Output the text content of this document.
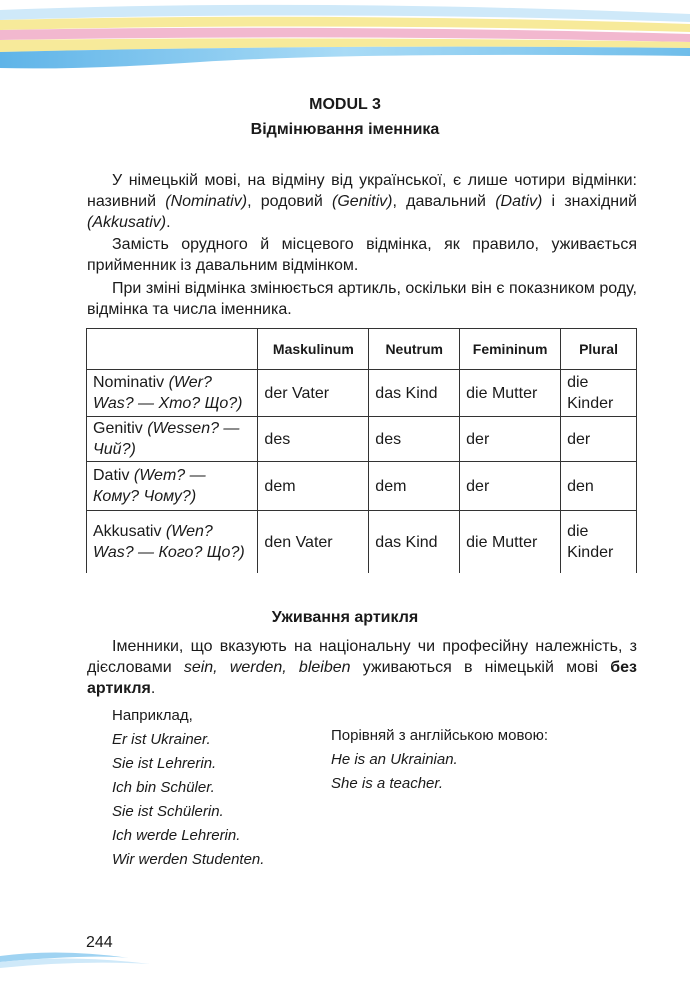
MODUL 3
Відмінювання іменника

У німецькій мові, на відміну від української, є лише чотири відмінки: називний (Nominativ), родовий (Genitiv), давальний (Dativ) і знахідний (Akkusativ).

Замість орудного й місцевого відмінка, як правило, уживається прийменник із давальним відмінком.

При зміні відмінка змінюється артикль, оскільки він є показником роду, відмінка та числа іменника.

	Maskulinum	Neutrum	Femininum	Plural
Nominativ (Wer? Was? — Хто? Що?)	der Vater	das Kind	die Mutter	die Kinder
Genitiv (Wessen? — Чий?)	des	des	der	der
Dativ (Wem? — Кому? Чому?)	dem	dem	der	den
Akkusativ (Wen? Was? — Кого? Що?)	den Vater	das Kind	die Mutter	die Kinder
Уживання артикля

Іменники, що вказують на національну чи професійну належність, з дієсловами sein, werden, bleiben уживаються в німецькій мові без артикля.

Наприклад,
Er ist Ukrainer.
Sie ist Lehrerin.
Ich bin Schüler.
Sie ist Schülerin.
Ich werde Lehrerin.
Wir werden Studenten.
Порівняй з англійською мовою:
He is an Ukrainian.
She is a teacher.
244
